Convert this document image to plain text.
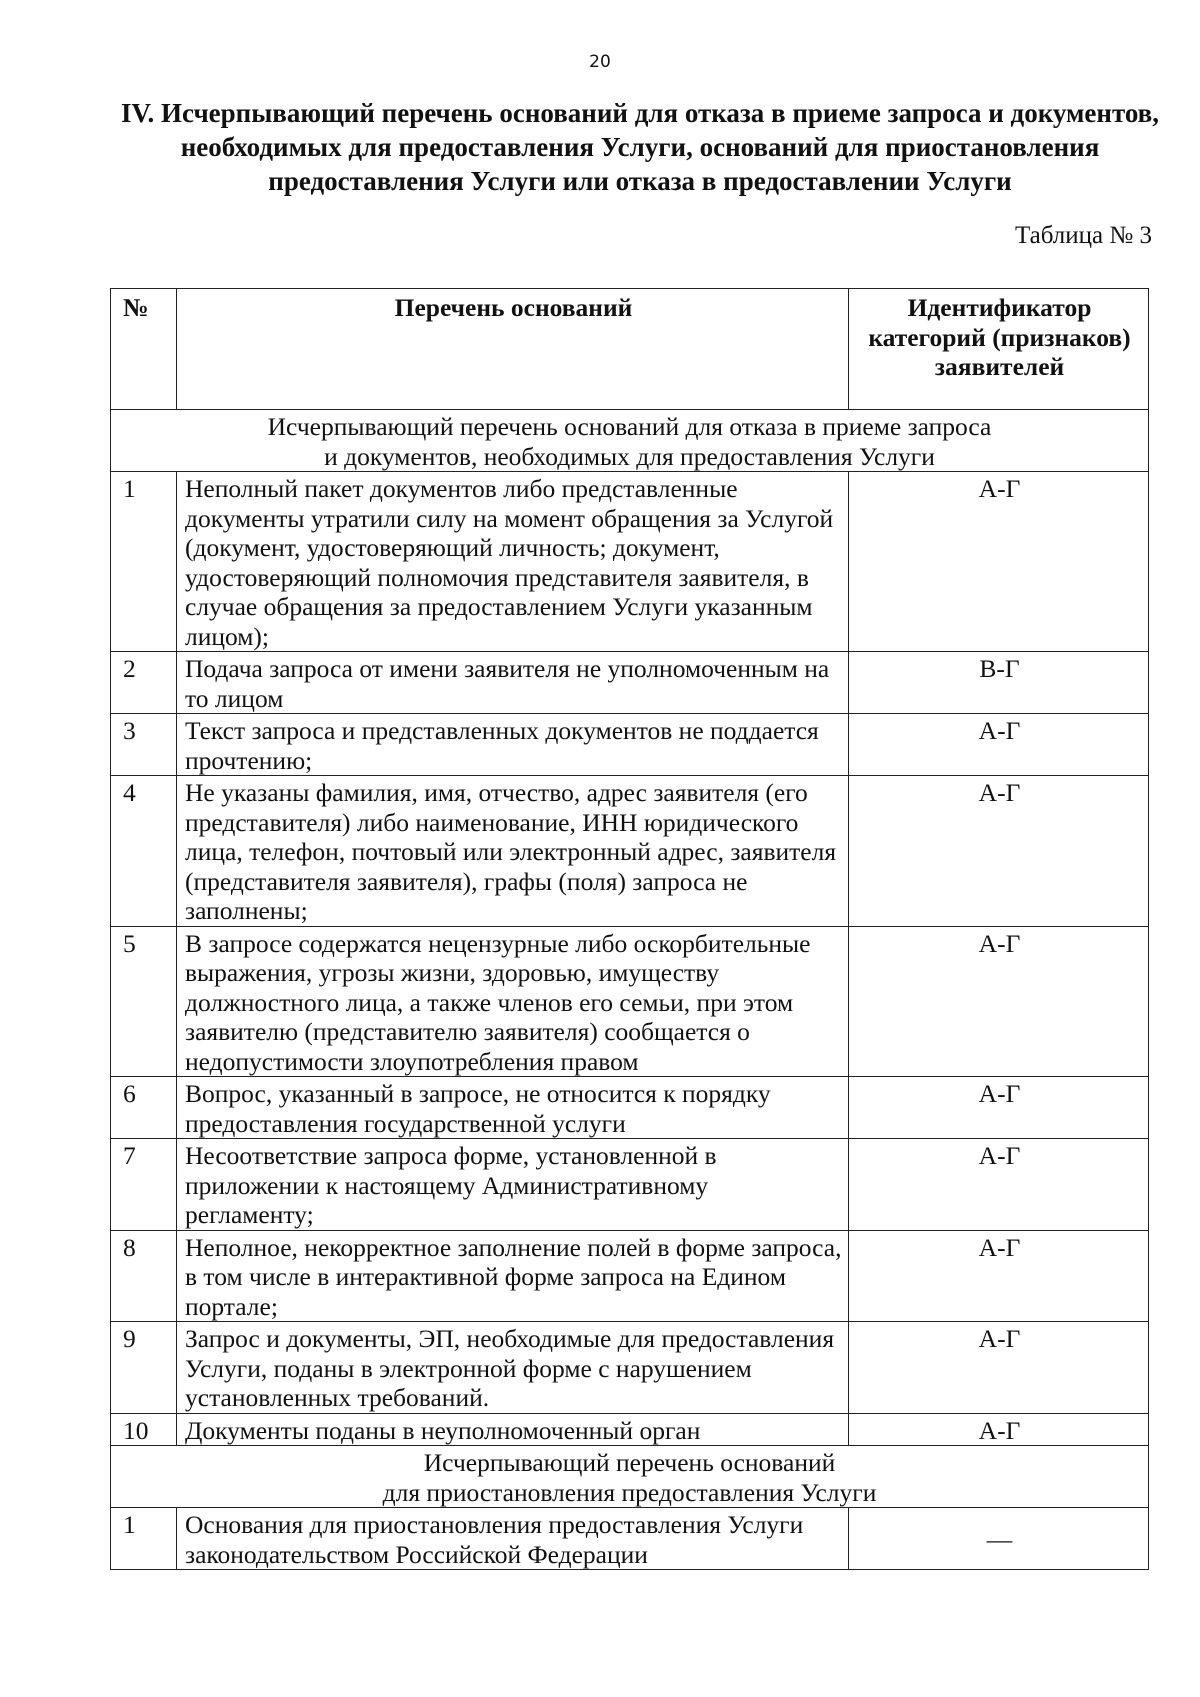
20
IV. Исчерпывающий перечень оснований для отказа в приеме запроса и документов, необходимых для предоставления Услуги, оснований для приостановления предоставления Услуги или отказа в предоставлении Услуги
Таблица № 3
№	Перечень оснований	Идентификатор категорий (признаков) заявителей

Исчерпывающий перечень оснований для отказа в приеме запроса
и документов, необходимых для предоставления Услуги		

1	Неполный пакет документов либо представленные документы утратили силу на момент обращения за Услугой (документ, удостоверяющий личность; документ, удостоверяющий полномочия представителя заявителя, в случае обращения за предоставлением Услуги указанным лицом);	А-Г
2	Подача запроса от имени заявителя не уполномоченным на то лицом	В-Г
3	Текст запроса и представленных документов не поддается прочтению;	А-Г
4	Не указаны фамилия, имя, отчество, адрес заявителя (его представителя) либо наименование, ИНН юридического лица, телефон, почтовый или электронный адрес, заявителя (представителя заявителя), графы (поля) запроса не заполнены;	А-Г
5	В запросе содержатся нецензурные либо оскорбительные выражения, угрозы жизни, здоровью, имуществу должностного лица, а также членов его семьи, при этом заявителю (представителю заявителя) сообщается о недопустимости злоупотребления правом	А-Г
6	Вопрос, указанный в запросе, не относится к порядку предоставления государственной услуги	А-Г
7	Несоответствие запроса форме, установленной в приложении к настоящему Административному регламенту;	А-Г
8	Неполное, некорректное заполнение полей в форме запроса, в том числе в интерактивной форме запроса на Едином портале;	А-Г
9	Запрос и документы, ЭП, необходимые для предоставления Услуги, поданы в электронной форме с нарушением установленных требований.	А-Г
10	Документы поданы в неуполномоченный орган	А-Г

Исчерпывающий перечень оснований
для приостановления предоставления Услуги		

1	Основания для приостановления предоставления Услуги законодательством Российской Федерации	—
